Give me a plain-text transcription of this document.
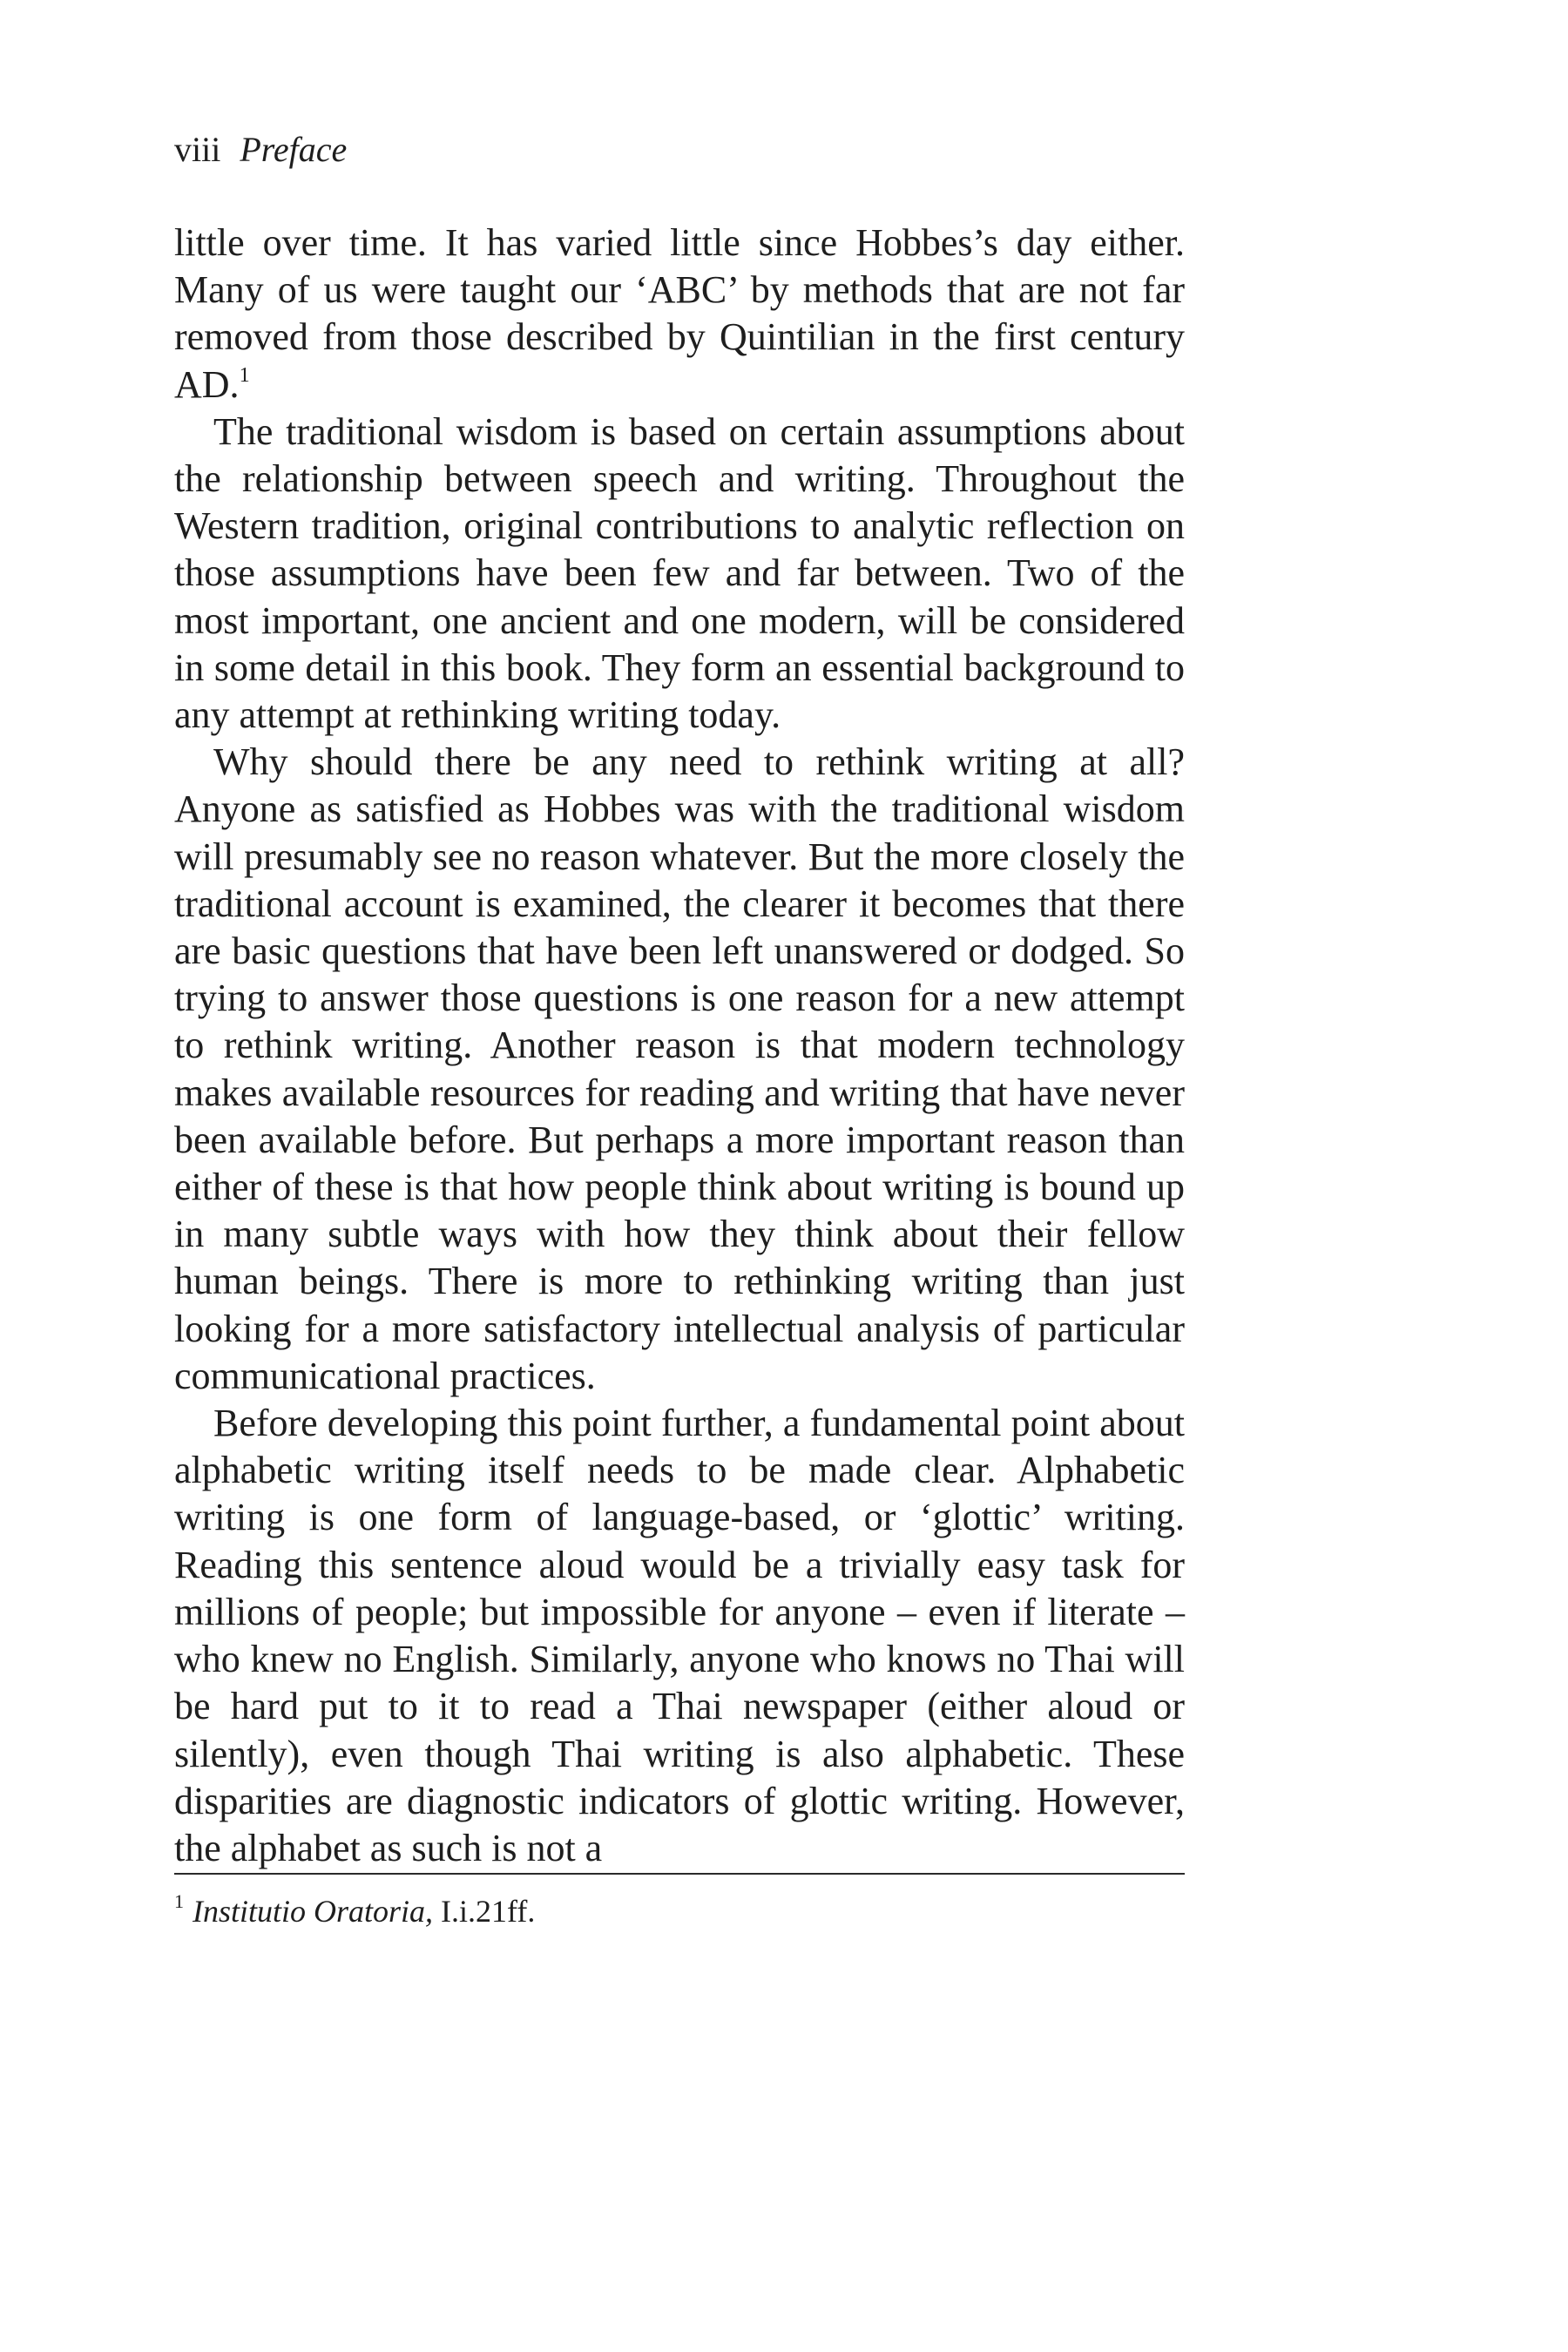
viii Preface

little over time. It has varied little since Hobbes’s day either. Many of us were taught our ‘ABC’ by methods that are not far removed from those described by Quintilian in the first century AD.$^1$

The traditional wisdom is based on certain assumptions about the relationship between speech and writing. Throughout the Western tradition, original contributions to analytic reflection on those assumptions have been few and far between. Two of the most important, one ancient and one modern, will be considered in some detail in this book. They form an essential background to any attempt at rethinking writing today.

Why should there be any need to rethink writing at all? Anyone as satisfied as Hobbes was with the traditional wisdom will presumably see no reason whatever. But the more closely the traditional account is examined, the clearer it becomes that there are basic questions that have been left unanswered or dodged. So trying to answer those questions is one reason for a new attempt to rethink writing. Another reason is that modern technology makes available resources for reading and writing that have never been available before. But perhaps a more important reason than either of these is that how people think about writing is bound up in many subtle ways with how they think about their fellow human beings. There is more to rethinking writing than just looking for a more satisfactory intellectual analysis of particular communicational practices.

Before developing this point further, a fundamental point about alphabetic writing itself needs to be made clear. Alphabetic writing is one form of language-based, or ‘glottic’ writing. Reading this sentence aloud would be a trivially easy task for millions of people; but impossible for anyone – even if literate – who knew no English. Similarly, anyone who knows no Thai will be hard put to it to read a Thai newspaper (either aloud or silently), even though Thai writing is also alphabetic. These disparities are diagnostic indicators of glottic writing. However, the alphabet as such is not a

$^1$ Institutio Oratoria, I.i.21ff.
